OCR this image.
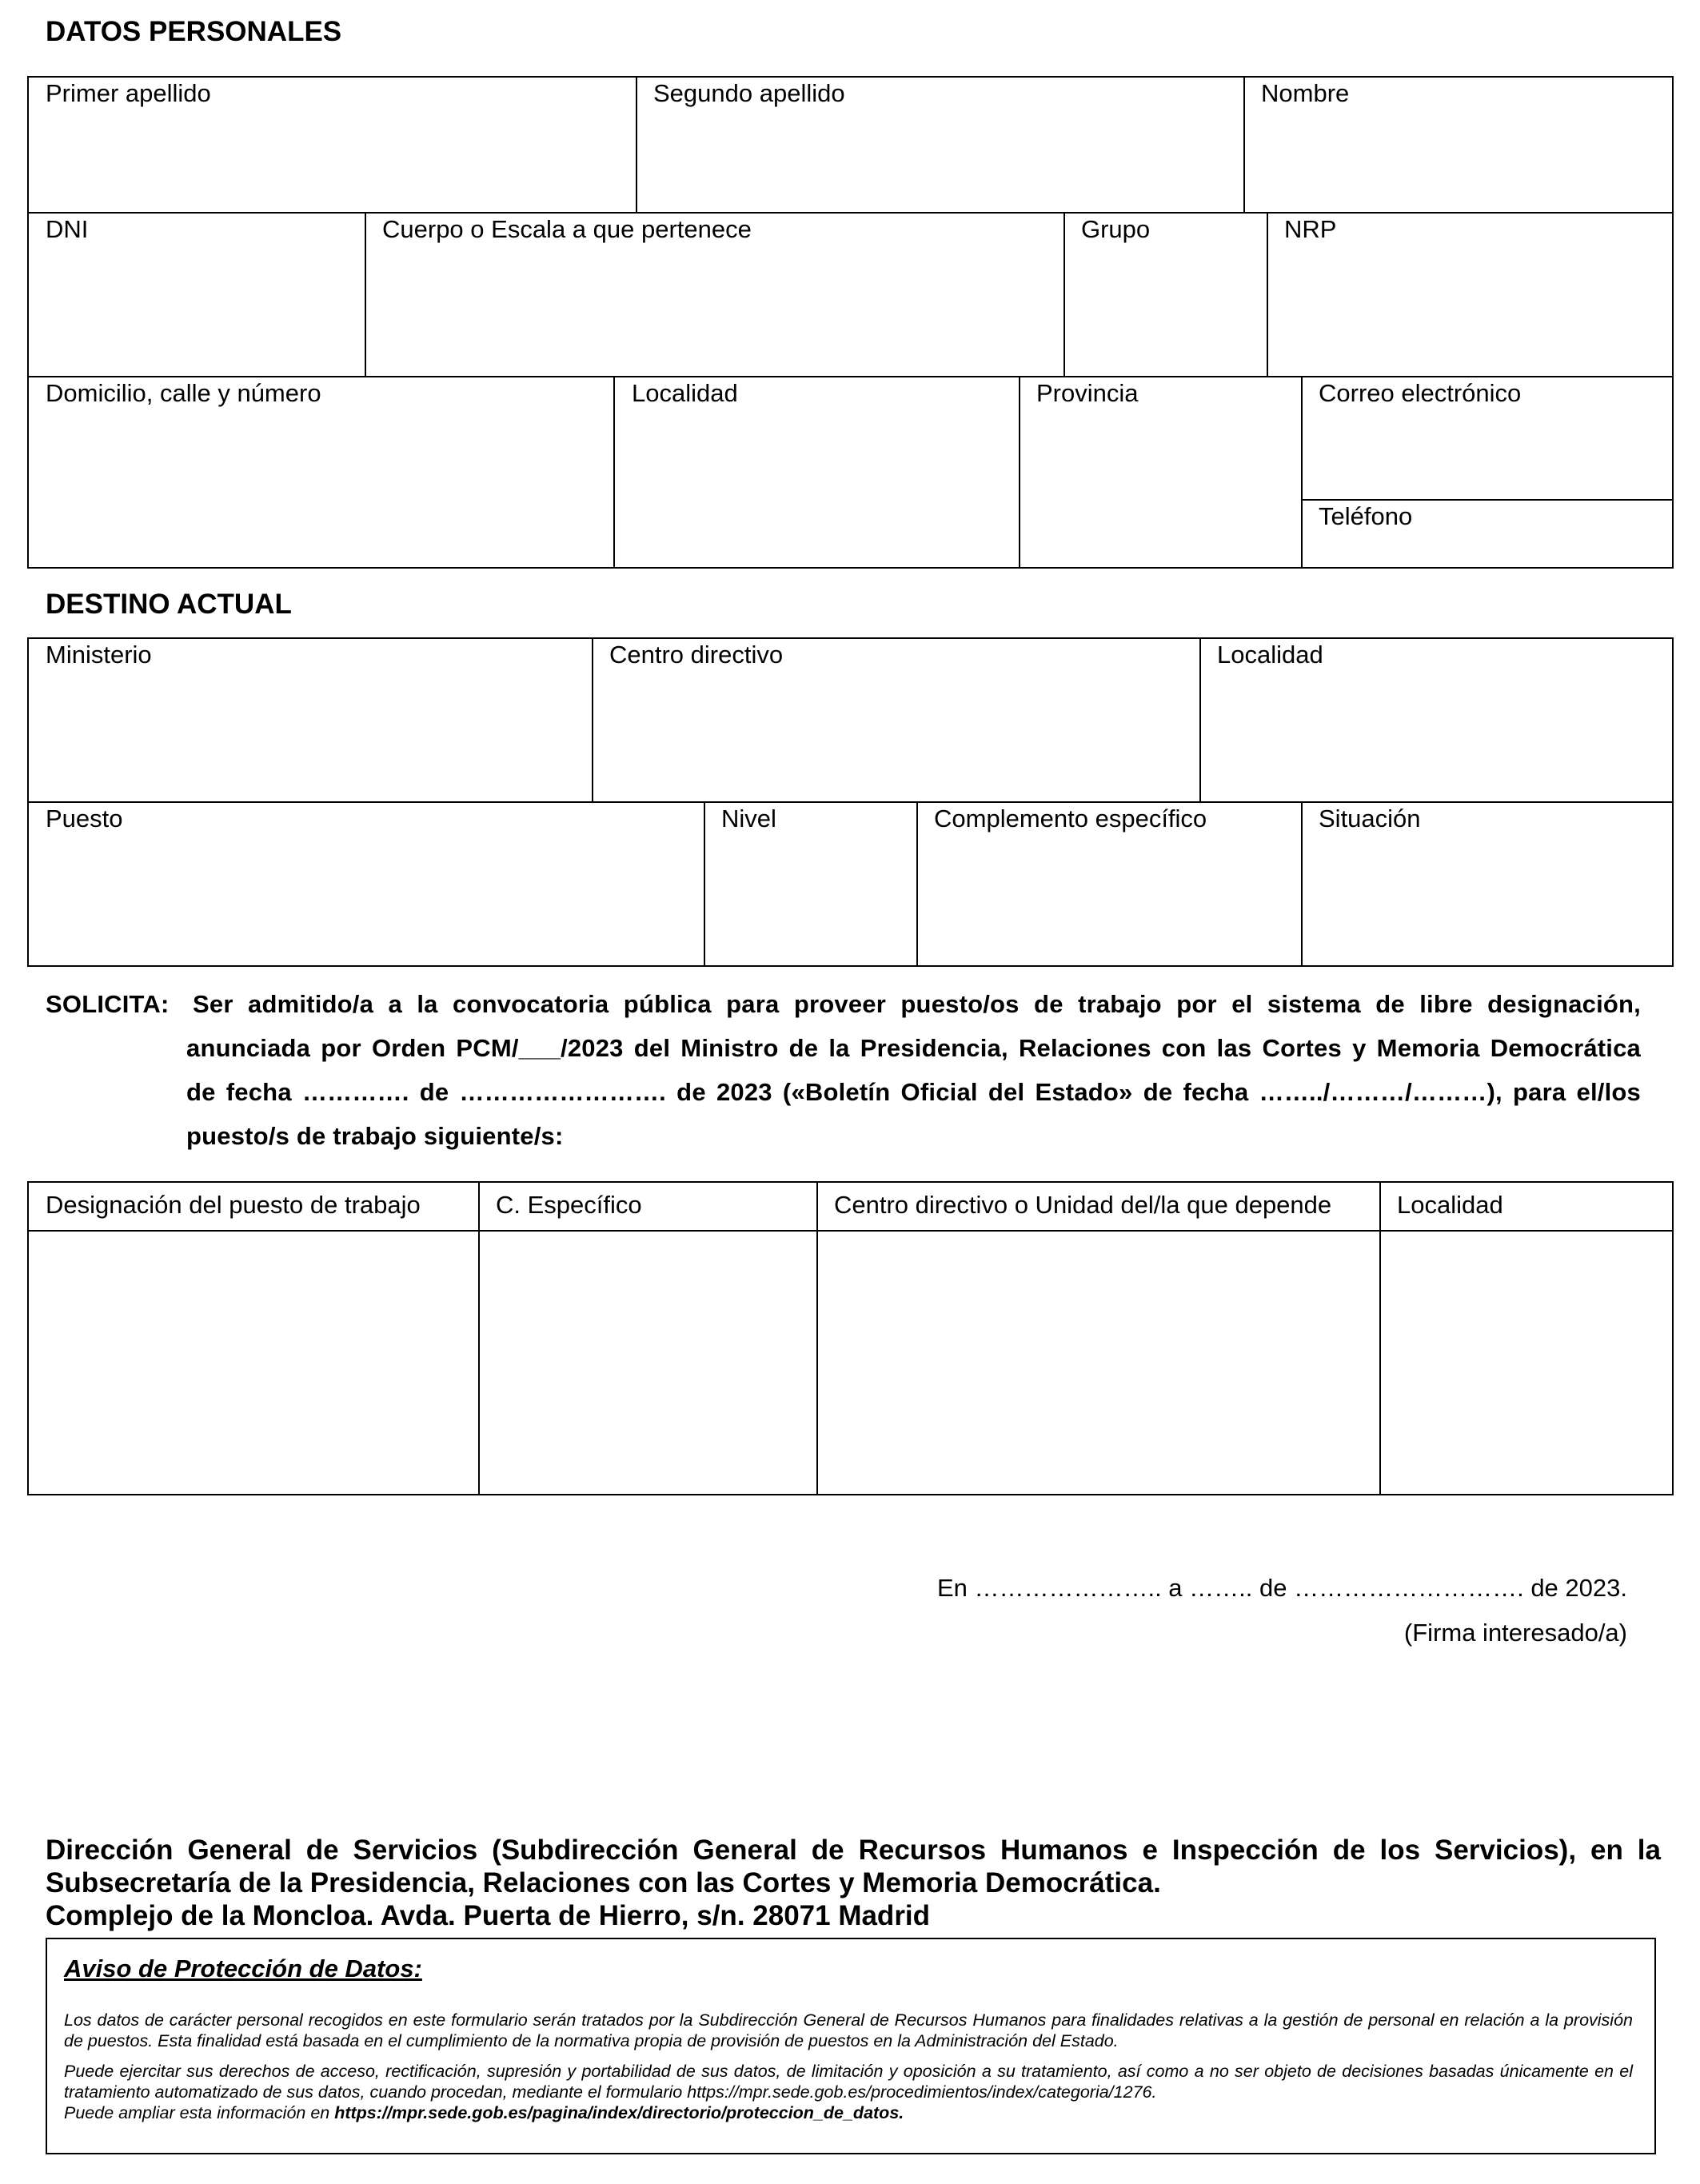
DATOS PERSONALES
Primer apellido	Segundo apellido	Nombre
DNI	Cuerpo o Escala a que pertenece	Grupo	NRP
Domicilio, calle y número	Localidad	Provincia	Correo electrónico
Teléfono
DESTINO ACTUAL
Ministerio	Centro directivo	Localidad
Puesto	Nivel	Complemento específico	Situación
SOLICITA: Ser admitido/a a la convocatoria pública para proveer puesto/os de trabajo por el sistema de libre designación,
anunciada por Orden PCM/___/2023 del Ministro de la Presidencia, Relaciones con las Cortes y Memoria Democrática
de fecha …………. de ……………………. de 2023 («Boletín Oficial del Estado» de fecha ……../………/………), para el/los
puesto/s de trabajo siguiente/s:
Designación del puesto de trabajo	C. Específico	Centro directivo o Unidad del/la que depende	Localidad
En ………………….. a …….. de ………………………. de 2023.
(Firma interesado/a)
Dirección General de Servicios (Subdirección General de Recursos Humanos e Inspección de los Servicios), en la
Subsecretaría de la Presidencia, Relaciones con las Cortes y Memoria Democrática.
Complejo de la Moncloa. Avda. Puerta de Hierro, s/n. 28071 Madrid
Aviso de Protección de Datos:
Los datos de carácter personal recogidos en este formulario serán tratados por la Subdirección General de Recursos Humanos para finalidades relativas a la gestión de personal en relación a la provisión de puestos. Esta finalidad está basada en el cumplimiento de la normativa propia de provisión de puestos en la Administración del Estado.
Puede ejercitar sus derechos de acceso, rectificación, supresión y portabilidad de sus datos, de limitación y oposición a su tratamiento, así como a no ser objeto de decisiones basadas únicamente en el tratamiento automatizado de sus datos, cuando procedan, mediante el formulario https://mpr.sede.gob.es/procedimientos/index/categoria/1276.
Puede ampliar esta información en https://mpr.sede.gob.es/pagina/index/directorio/proteccion_de_datos.
